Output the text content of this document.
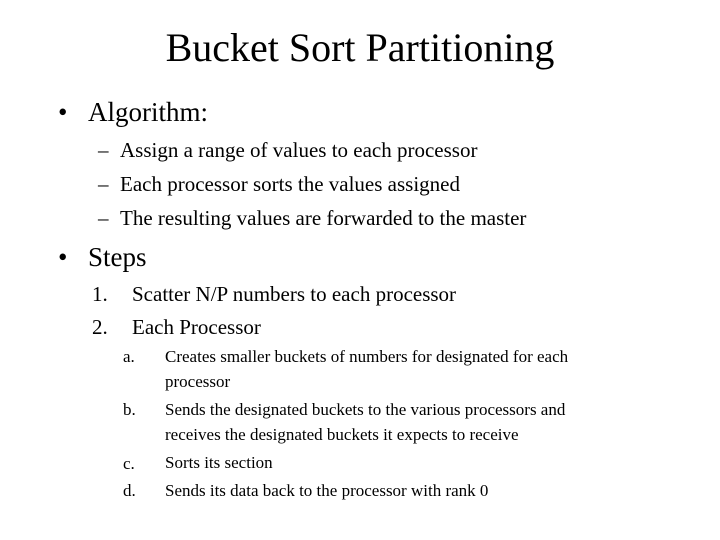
Bucket Sort Partitioning
• Algorithm:
– Assign a range of values to each processor
– Each processor sorts the values assigned
– The resulting values are forwarded to the master
• Steps
1. Scatter N/P numbers to each processor
2. Each Processor
a. Creates smaller buckets of numbers for designated for each
processor
b. Sends the designated buckets to the various processors and
receives the designated buckets it expects to receive
c. Sorts its section
d. Sends its data back to the processor with rank 0
